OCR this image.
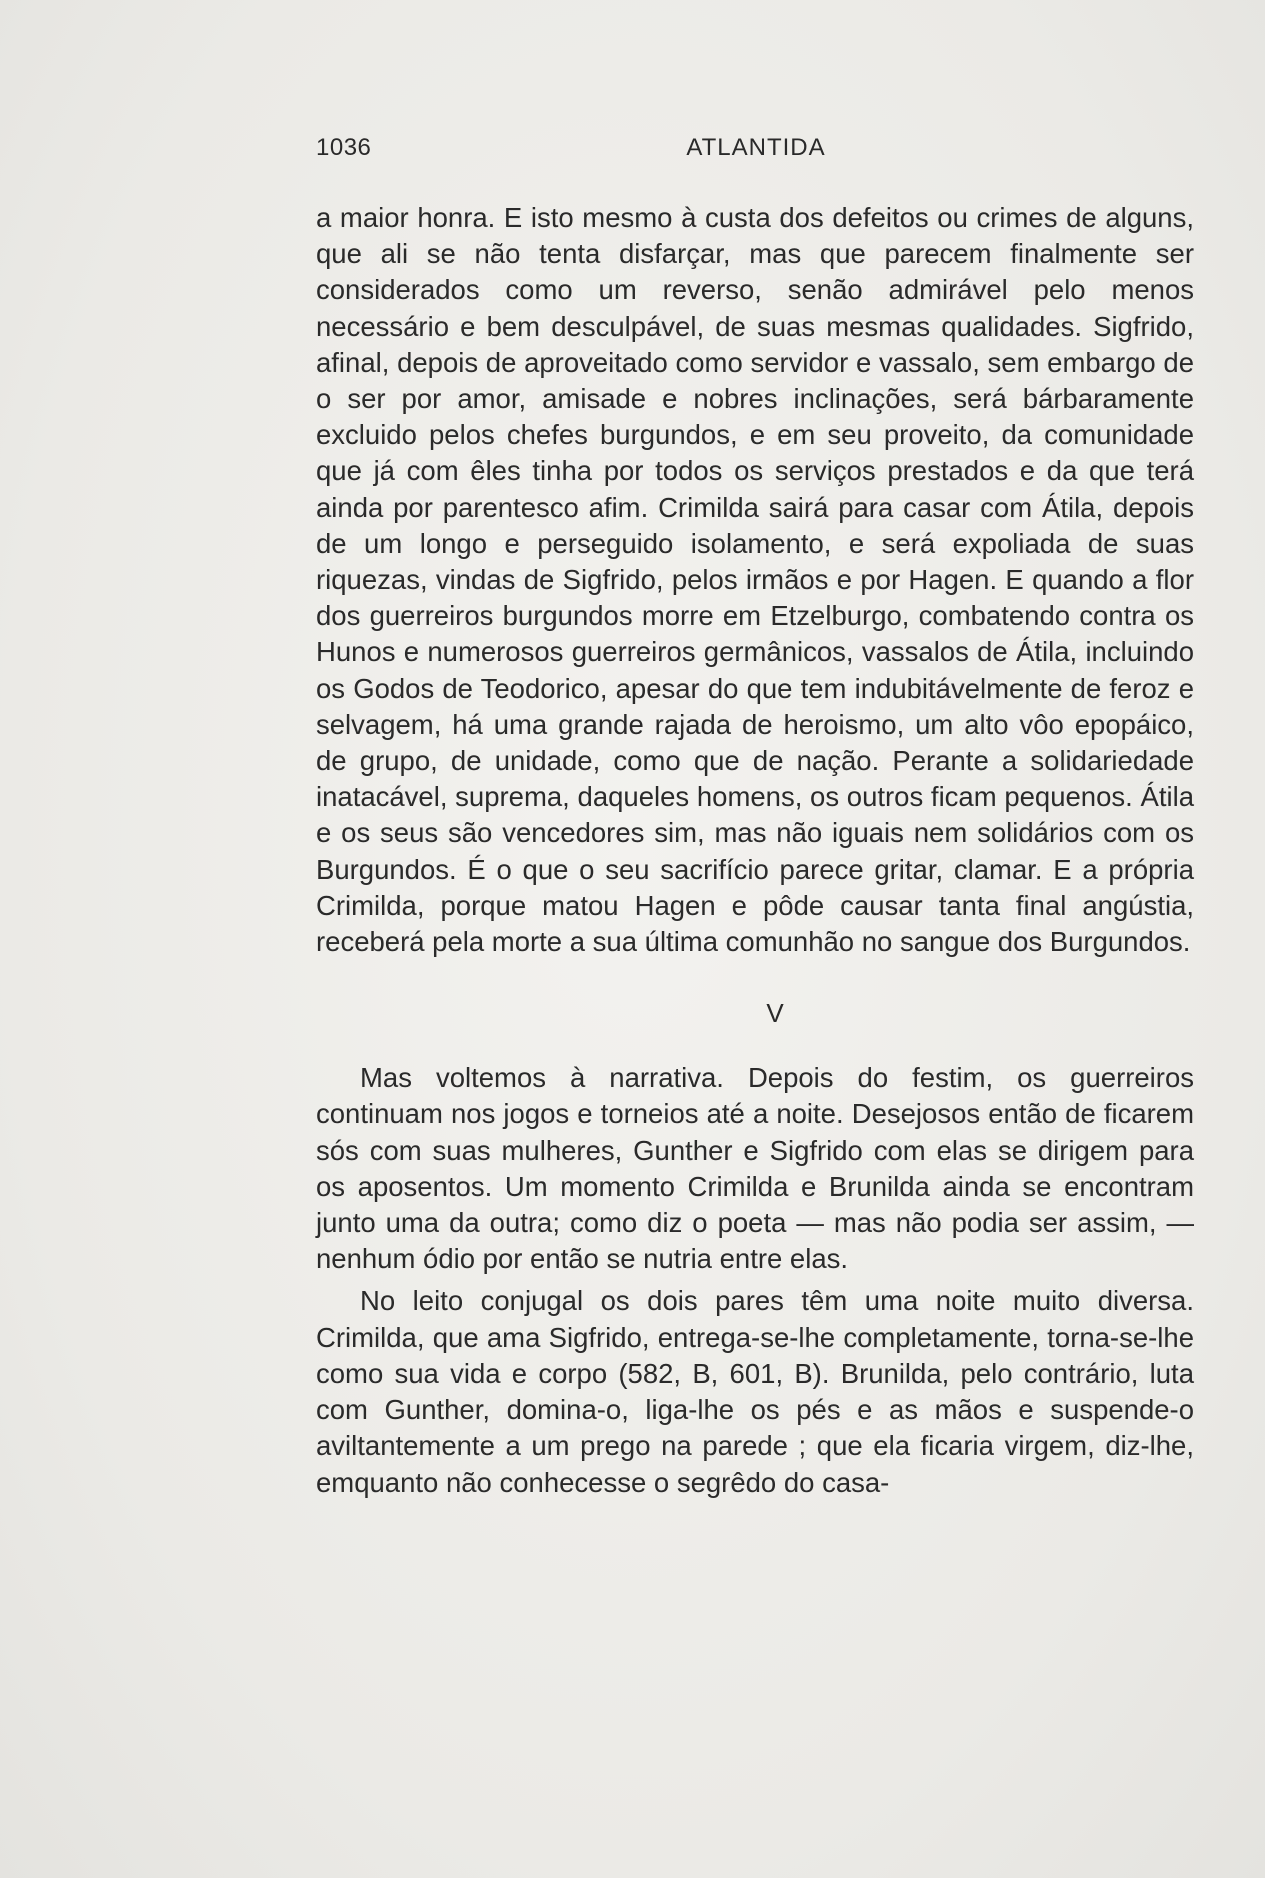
1036	ATLANTIDA

a maior honra. E isto mesmo à custa dos defeitos ou crimes de alguns, que ali se não tenta disfarçar, mas que parecem finalmente ser considerados como um reverso, senão admirável pelo menos necessário e bem desculpável, de suas mesmas qualidades. Sigfrido, afinal, depois de aproveitado como servidor e vassalo, sem embargo de o ser por amor, amisade e nobres inclinações, será bárbaramente excluido pelos chefes burgundos, e em seu proveito, da comunidade que já com êles tinha por todos os serviços prestados e da que terá ainda por parentesco afim. Crimilda sairá para casar com Átila, depois de um longo e perseguido isolamento, e será expoliada de suas riquezas, vindas de Sigfrido, pelos irmãos e por Hagen. E quando a flor dos guerreiros burgundos morre em Etzelburgo, combatendo contra os Hunos e numerosos guerreiros germânicos, vassalos de Átila, incluindo os Godos de Teodorico, apesar do que tem indubitávelmente de feroz e selvagem, há uma grande rajada de heroismo, um alto vôo epopáico, de grupo, de unidade, como que de nação. Perante a solidariedade inatacável, suprema, daqueles homens, os outros ficam pequenos. Átila e os seus são vencedores sim, mas não iguais nem solidários com os Burgundos. É o que o seu sacrifício parece gritar, clamar. E a própria Crimilda, porque matou Hagen e pôde causar tanta final angústia, receberá pela morte a sua última comunhão no sangue dos Burgundos.

V

Mas voltemos à narrativa. Depois do festim, os guerreiros continuam nos jogos e torneios até a noite. Desejosos então de ficarem sós com suas mulheres, Gunther e Sigfrido com elas se dirigem para os aposentos. Um momento Crimilda e Brunilda ainda se encontram junto uma da outra; como diz o poeta — mas não podia ser assim, — nenhum ódio por então se nutria entre elas.

No leito conjugal os dois pares têm uma noite muito diversa. Crimilda, que ama Sigfrido, entrega-se-lhe completamente, torna-se-lhe como sua vida e corpo (582, B, 601, B). Brunilda, pelo contrário, luta com Gunther, domina-o, liga-lhe os pés e as mãos e suspende-o aviltantemente a um prego na parede ; que ela ficaria virgem, diz-lhe, emquanto não conhecesse o segrêdo do casa-
